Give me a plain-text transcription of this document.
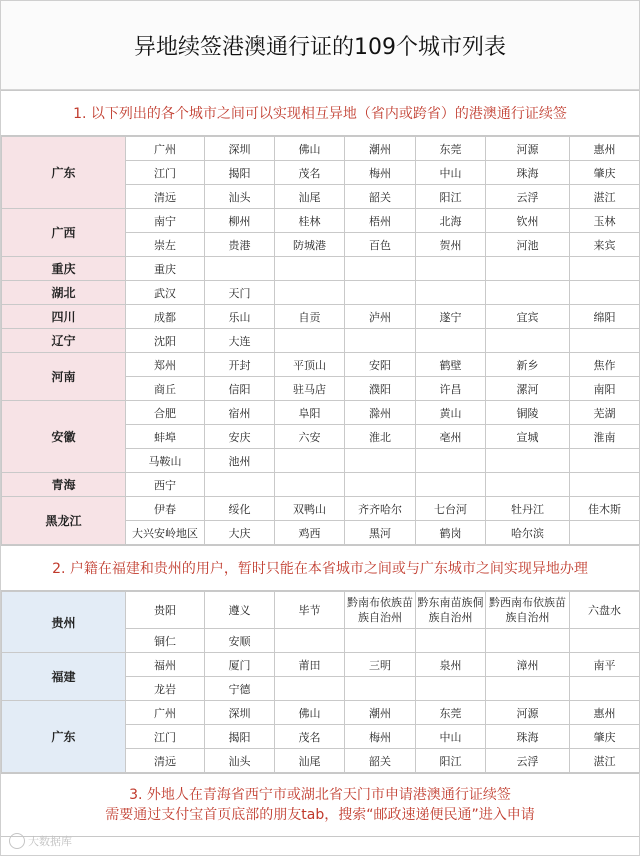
异地续签港澳通行证的109个城市列表
1. 以下列出的各个城市之间可以实现相互异地（省内或跨省）的港澳通行证续签
广东	广州	深圳	佛山	潮州	东莞	河源	惠州
	江门	揭阳	茂名	梅州	中山	珠海	肇庆
	清远	汕头	汕尾	韶关	阳江	云浮	湛江
广西	南宁	柳州	桂林	梧州	北海	钦州	玉林
	崇左	贵港	防城港	百色	贺州	河池	来宾
重庆	重庆						
湖北	武汉	天门					
四川	成都	乐山	自贡	泸州	遂宁	宜宾	绵阳
辽宁	沈阳	大连					
河南	郑州	开封	平顶山	安阳	鹤壁	新乡	焦作
	商丘	信阳	驻马店	濮阳	许昌	漯河	南阳
安徽	合肥	宿州	阜阳	滁州	黄山	铜陵	芜湖
	蚌埠	安庆	六安	淮北	亳州	宣城	淮南
	马鞍山	池州					
青海	西宁						
黑龙江	伊春	绥化	双鸭山	齐齐哈尔	七台河	牡丹江	佳木斯
	大兴安岭地区	大庆	鸡西	黑河	鹤岗	哈尔滨	
2. 户籍在福建和贵州的用户，暂时只能在本省城市之间或与广东城市之间实现异地办理
贵州	贵阳	遵义	毕节	黔南布依族苗族自治州	黔东南苗族侗族自治州	黔西南布依族苗族自治州	六盘水
	铜仁	安顺					
福建	福州	厦门	莆田	三明	泉州	漳州	南平
	龙岩	宁德					
广东	广州	深圳	佛山	潮州	东莞	河源	惠州
	江门	揭阳	茂名	梅州	中山	珠海	肇庆
	清远	汕头	汕尾	韶关	阳江	云浮	湛江
3. 外地人在青海省西宁市或湖北省天门市申请港澳通行证续签
需要通过支付宝首页底部的朋友tab，搜索“邮政速递便民通”进入申请
大数据库
